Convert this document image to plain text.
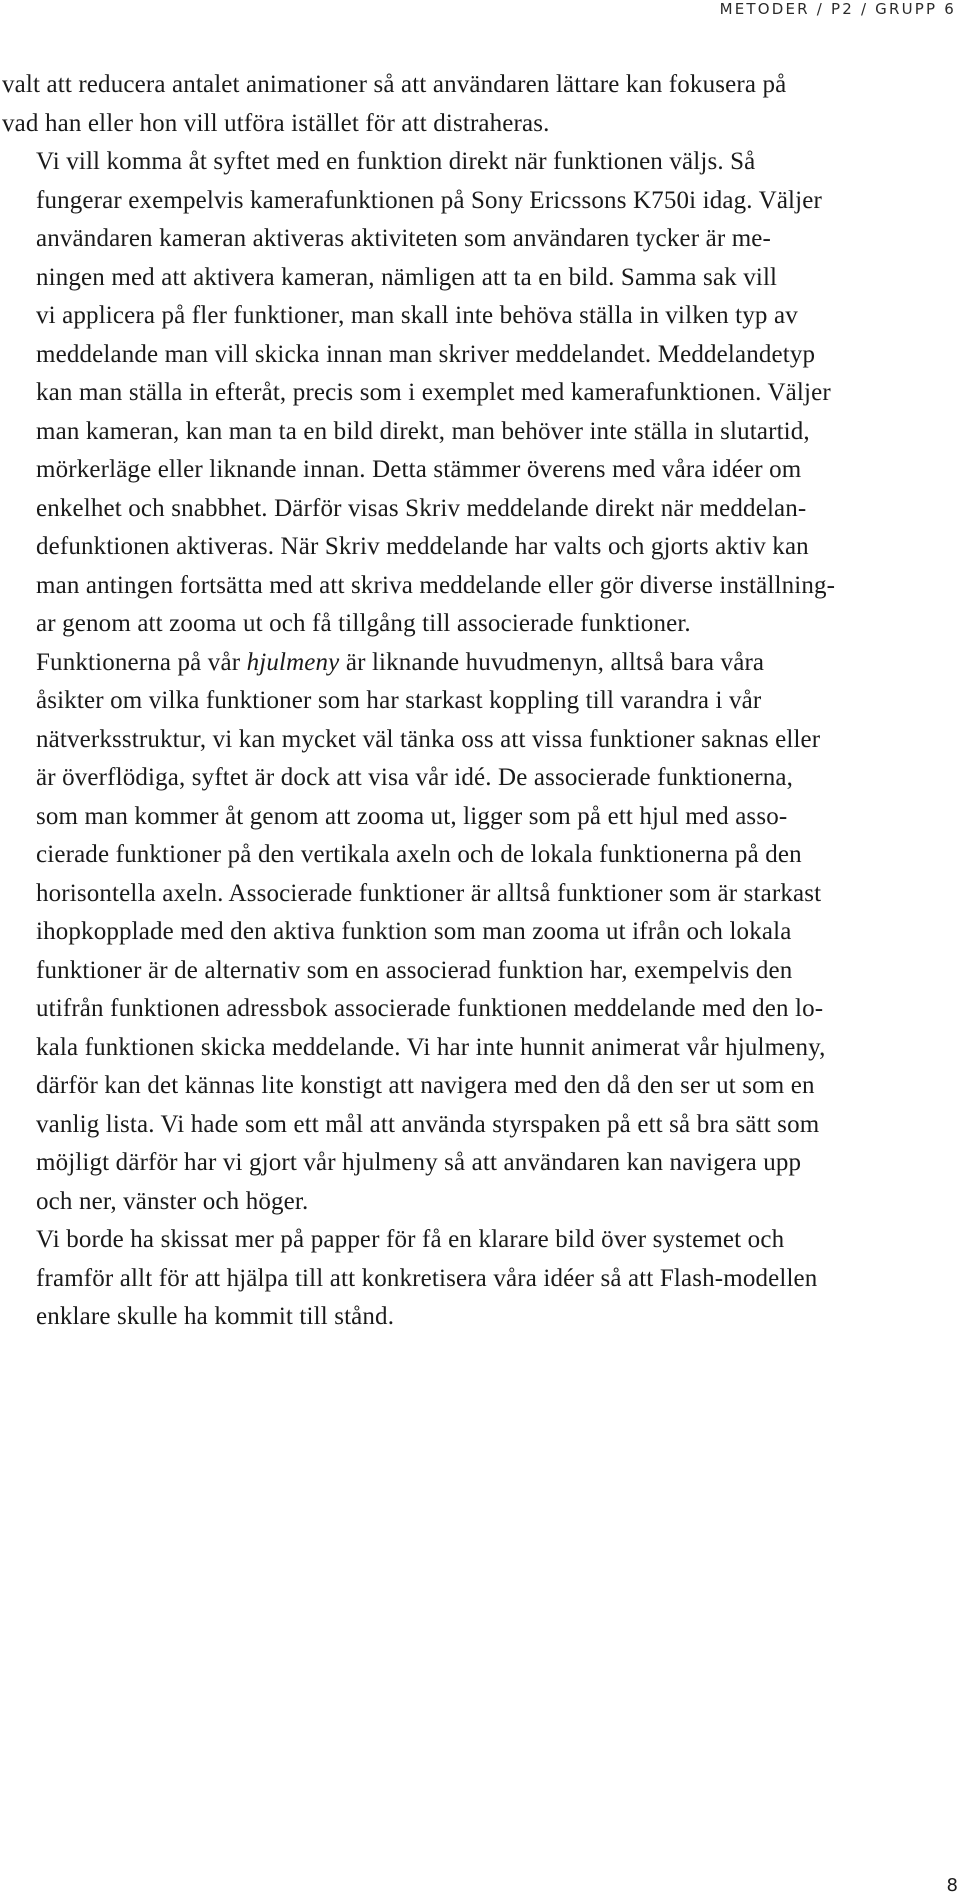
METODER / P2 / GRUPP 6

valt att reducera antalet animationer så att användaren lättare kan fokusera på
vad han eller hon vill utföra istället för att distraheras.

Vi vill komma åt syftet med en funktion direkt när funktionen väljs. Så
fungerar exempelvis kamerafunktionen på Sony Ericssons K750i idag. Väljer
användaren kameran aktiveras aktiviteten som användaren tycker är me-
ningen med att aktivera kameran, nämligen att ta en bild. Samma sak vill
vi applicera på fler funktioner, man skall inte behöva ställa in vilken typ av
meddelande man vill skicka innan man skriver meddelandet. Meddelandetyp
kan man ställa in efteråt, precis som i exemplet med kamerafunktionen. Väljer
man kameran, kan man ta en bild direkt, man behöver inte ställa in slutartid,
mörkerläge eller liknande innan. Detta stämmer överens med våra idéer om
enkelhet och snabbhet. Därför visas Skriv meddelande direkt när meddelan-
defunktionen aktiveras. När Skriv meddelande har valts och gjorts aktiv kan
man antingen fortsätta med att skriva meddelande eller gör diverse inställning-
ar genom att zooma ut och få tillgång till associerade funktioner.

Funktionerna på vår hjulmeny är liknande huvudmenyn, alltså bara våra
åsikter om vilka funktioner som har starkast koppling till varandra i vår
nätverksstruktur, vi kan mycket väl tänka oss att vissa funktioner saknas eller
är överflödiga, syftet är dock att visa vår idé. De associerade funktionerna,
som man kommer åt genom att zooma ut, ligger som på ett hjul med asso-
cierade funktioner på den vertikala axeln och de lokala funktionerna på den
horisontella axeln. Associerade funktioner är alltså funktioner som är starkast
ihopkopplade med den aktiva funktion som man zooma ut ifrån och lokala
funktioner är de alternativ som en associerad funktion har, exempelvis den
utifrån funktionen adressbok associerade funktionen meddelande med den lo-
kala funktionen skicka meddelande. Vi har inte hunnit animerat vår hjulmeny,
därför kan det kännas lite konstigt att navigera med den då den ser ut som en
vanlig lista. Vi hade som ett mål att använda styrspaken på ett så bra sätt som
möjligt därför har vi gjort vår hjulmeny så att användaren kan navigera upp
och ner, vänster och höger.

Vi borde ha skissat mer på papper för få en klarare bild över systemet och
framför allt för att hjälpa till att konkretisera våra idéer så att Flash-modellen
enklare skulle ha kommit till stånd.

8
